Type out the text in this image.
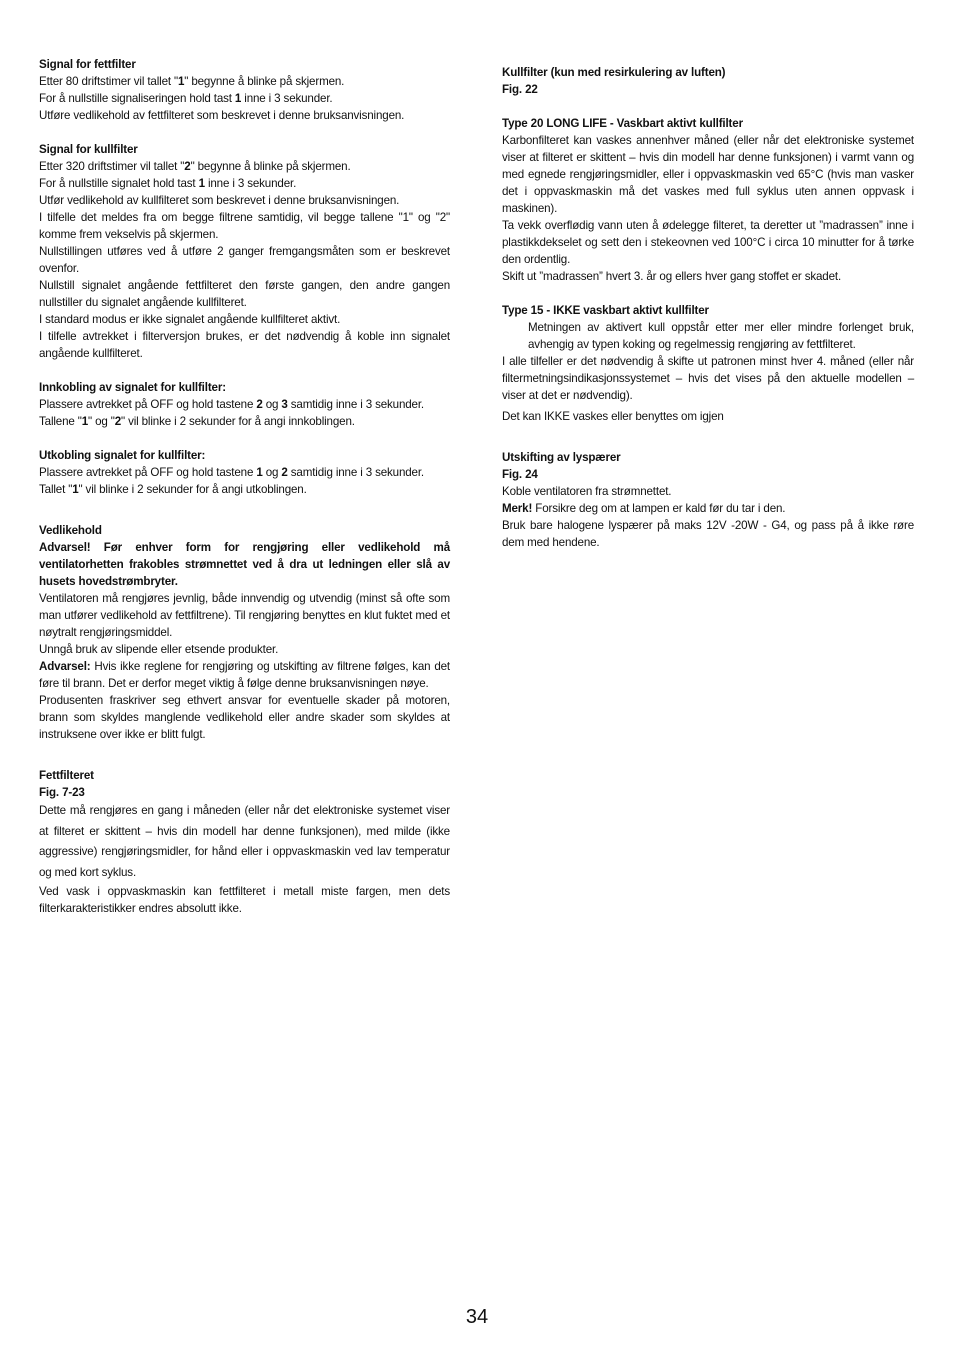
Signal for fettfilter

Etter 80 driftstimer vil tallet "1" begynne å blinke på skjermen.

For å nullstille signaliseringen hold tast 1 inne i 3 sekunder.

Utføre vedlikehold av fettfilteret som beskrevet i denne bruksanvisningen.

Signal for kullfilter

Etter 320 driftstimer vil tallet "2" begynne å blinke på skjermen.

For å nullstille signalet hold tast 1 inne i 3 sekunder.

Utfør vedlikehold av kullfilteret som beskrevet i denne bruksanvisningen.

I tilfelle det meldes fra om begge filtrene samtidig, vil begge tallene "1" og "2" komme frem vekselvis på skjermen.

Nullstillingen utføres ved å utføre 2 ganger fremgangsmåten som er beskrevet ovenfor.

Nullstill signalet angående fettfilteret den første gangen, den andre gangen nullstiller du signalet angående kullfilteret.

I standard modus er ikke signalet angående kullfilteret aktivt.

I tilfelle avtrekket i filterversjon brukes, er det nødvendig å koble inn signalet angående kullfilteret.

Innkobling av signalet for kullfilter:

Plassere avtrekket på OFF og hold tastene 2 og 3 samtidig inne i 3 sekunder.

Tallene "1" og "2" vil blinke i 2 sekunder for å angi innkoblingen.

Utkobling signalet for kullfilter:

Plassere avtrekket på OFF og hold tastene 1 og 2 samtidig inne i 3 sekunder.

Tallet "1" vil blinke i 2 sekunder for å angi utkoblingen.

Vedlikehold

Advarsel! Før enhver form for rengjøring eller vedlikehold må ventilatorhetten frakobles strømnettet ved å dra ut ledningen eller slå av husets hovedstrømbryter.

Ventilatoren må rengjøres jevnlig, både innvendig og utvendig (minst så ofte som man utfører vedlikehold av fettfiltrene). Til rengjøring benyttes en klut fuktet med et nøytralt rengjøringsmiddel.

Unngå bruk av slipende eller etsende produkter.

Advarsel: Hvis ikke reglene for rengjøring og utskifting av filtrene følges, kan det føre til brann. Det er derfor meget viktig å følge denne bruksanvisningen nøye.

Produsenten fraskriver seg ethvert ansvar for eventuelle skader på motoren, brann som skyldes manglende vedlikehold eller andre skader som skyldes at instruksene over ikke er blitt fulgt.

Fettfilteret
Fig. 7-23

Dette må rengjøres en gang i måneden (eller når det elektroniske systemet viser at filteret er skittent – hvis din modell har denne funksjonen), med milde (ikke aggressive) rengjøringsmidler, for hånd eller i oppvaskmaskin ved lav temperatur og med kort syklus.

Ved vask i oppvaskmaskin kan fettfilteret i metall miste fargen, men dets filterkarakteristikker endres absolutt ikke.

Kullfilter (kun med resirkulering av luften)
Fig. 22
Type 20 LONG LIFE - Vaskbart aktivt kullfilter

Karbonfilteret kan vaskes annenhver måned (eller når det elektroniske systemet viser at filteret er skittent – hvis din modell har denne funksjonen) i varmt vann og med egnede rengjøringsmidler, eller i oppvaskmaskin ved 65°C (hvis man vasker det i oppvaskmaskin må det vaskes med full syklus uten annen oppvask i maskinen).

Ta vekk overflødig vann uten å ødelegge filteret, ta deretter ut ”madrassen” inne i plastikkdekselet og sett den i stekeovnen ved 100°C i circa 10 minutter for å tørke den ordentlig.

Skift ut ”madrassen” hvert 3. år og ellers hver gang stoffet er skadet.

Type 15 - IKKE vaskbart aktivt kullfilter

Metningen av aktivert kull oppstår etter mer eller mindre forlenget bruk, avhengig av typen koking og regelmessig rengjøring av fettfilteret.

I alle tilfeller er det nødvendig å skifte ut patronen minst hver 4. måned (eller når filtermetningsindikasjonssystemet – hvis det vises på den aktuelle modellen – viser at det er nødvendig).

Det kan IKKE vaskes eller benyttes om igjen

Utskifting av lyspærer
Fig. 24

Koble ventilatoren fra strømnettet.

Merk! Forsikre deg om at lampen er kald før du tar i den.

Bruk bare halogene lyspærer på maks 12V -20W - G4, og pass på å ikke røre dem med hendene.

34
